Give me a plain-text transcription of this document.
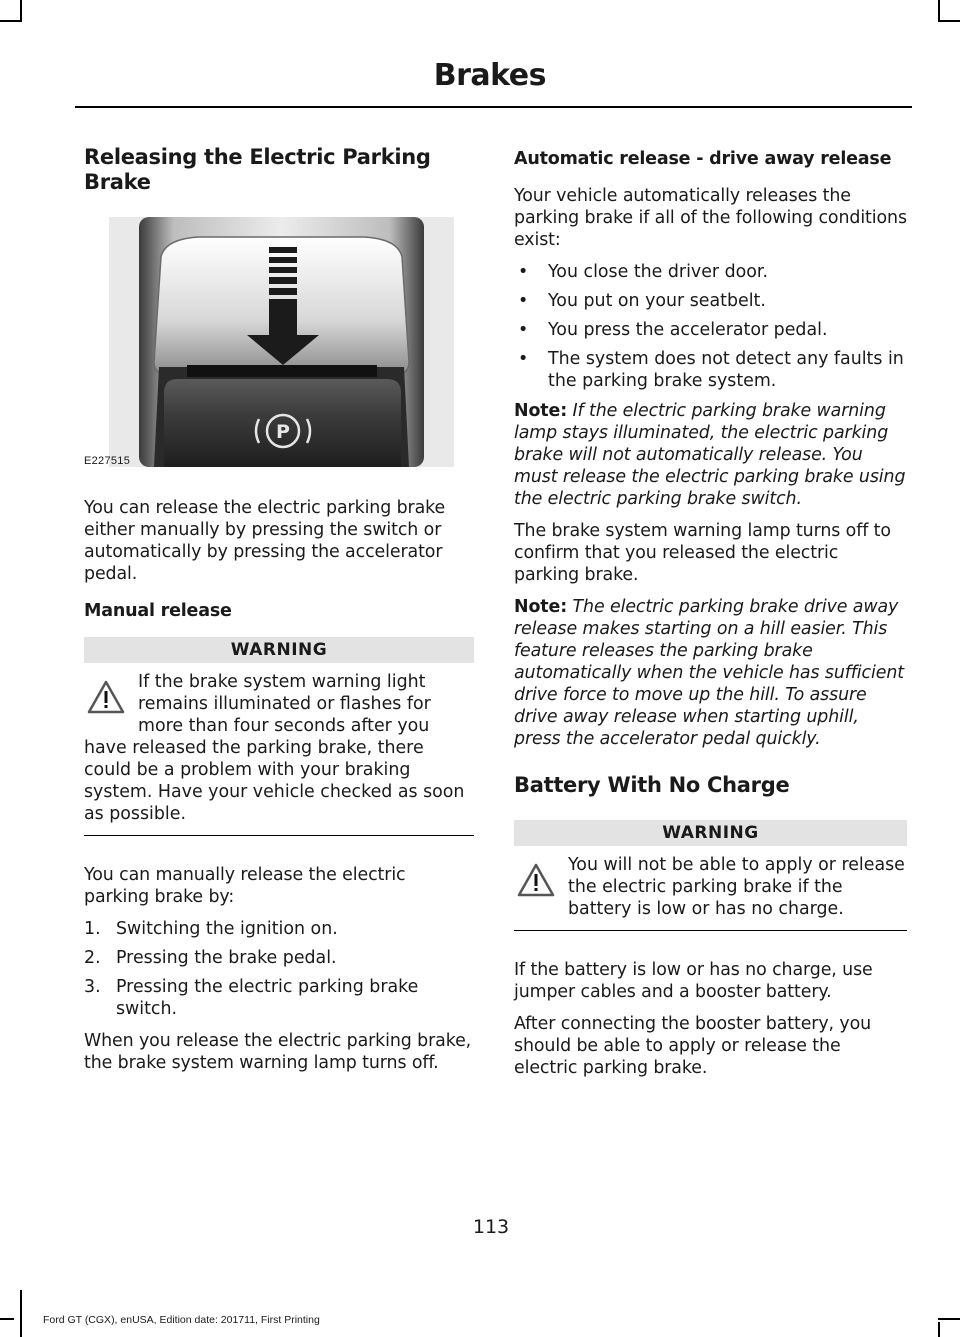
Brakes
Releasing the Electric Parking Brake
P
E227515

You can release the electric parking brake either manually by pressing the switch or automatically by pressing the accelerator pedal.

Manual release
WARNING
If the brake system warning light remains illuminated or flashes for more than four seconds after you have released the parking brake, there could be a problem with your braking system. Have your vehicle checked as soon as possible.

You can manually release the electric parking brake by:

1. Switching the ignition on.
2. Pressing the brake pedal.
3. Pressing the electric parking brake switch.

When you release the electric parking brake, the brake system warning lamp turns off.

Automatic release - drive away release

Your vehicle automatically releases the parking brake if all of the following conditions exist:

• You close the driver door.
• You put on your seatbelt.
• You press the accelerator pedal.
• The system does not detect any faults in the parking brake system.

Note: If the electric parking brake warning lamp stays illuminated, the electric parking brake will not automatically release. You must release the electric parking brake using the electric parking brake switch.

The brake system warning lamp turns off to confirm that you released the electric parking brake.

Note: The electric parking brake drive away release makes starting on a hill easier. This feature releases the parking brake automatically when the vehicle has sufficient drive force to move up the hill. To assure drive away release when starting uphill, press the accelerator pedal quickly.

Battery With No Charge
WARNING
You will not be able to apply or release the electric parking brake if the battery is low or has no charge.

If the battery is low or has no charge, use jumper cables and a booster battery.

After connecting the booster battery, you should be able to apply or release the electric parking brake.

113
Ford GT (CGX), enUSA, Edition date: 201711, First Printing
